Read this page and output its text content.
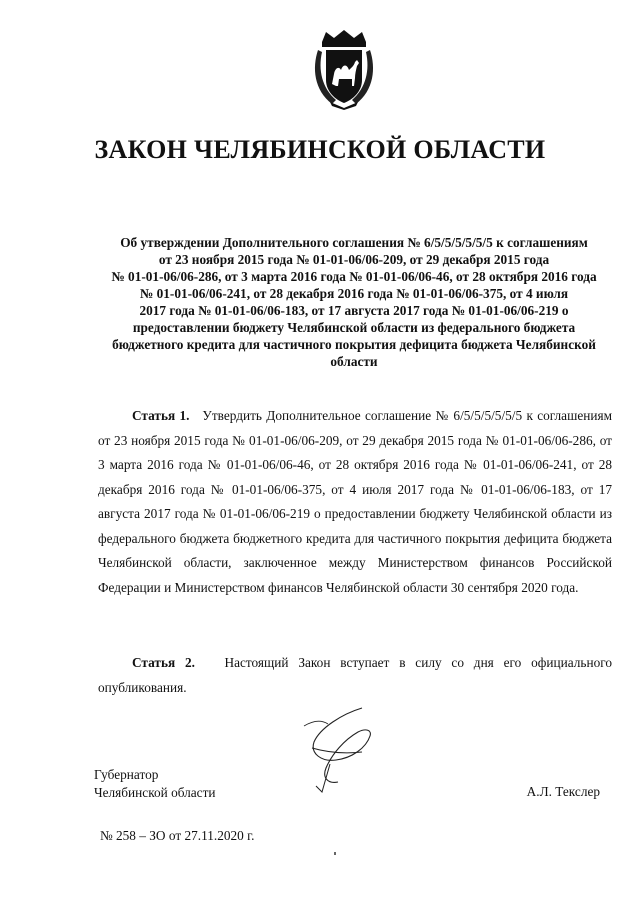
ЗАКОН ЧЕЛЯБИНСКОЙ ОБЛАСТИ

Об утверждении Дополнительного соглашения № 6/5/5/5/5/5/5 к соглашениям

от 23 ноября 2015 года № 01-01-06/06-209, от 29 декабря 2015 года

№ 01-01-06/06-286, от 3 марта 2016 года № 01-01-06/06-46, от 28 октября 2016 года

№ 01-01-06/06-241, от 28 декабря 2016 года № 01-01-06/06-375, от 4 июля

2017 года № 01-01-06/06-183, от 17 августа 2017 года № 01-01-06/06-219 о

предоставлении бюджету Челябинской области из федерального бюджета

бюджетного кредита для частичного покрытия дефицита бюджета Челябинской

области

Статья 1. Утвердить Дополнительное соглашение № 6/5/5/5/5/5/5 к соглашениям от 23 ноября 2015 года № 01-01-06/06-209, от 29 декабря 2015 года № 01-01-06/06-286, от 3 марта 2016 года № 01-01-06/06-46, от 28 октября 2016 года № 01-01-06/06-241, от 28 декабря 2016 года № 01-01-06/06-375, от 4 июля 2017 года № 01-01-06/06-183, от 17 августа 2017 года № 01-01-06/06-219 о предоставлении бюджету Челябинской области из федерального бюджета бюджетного кредита для частичного покрытия дефицита бюджета Челябинской области, заключенное между Министерством финансов Российской Федерации и Министерством финансов Челябинской области 30 сентября 2020 года.
Статья 2. Настоящий Закон вступает в силу со дня его официального опубликования.
Губернатор
Челябинской области	А.Л. Текслер
№ 258 – ЗО от 27.11.2020 г.
